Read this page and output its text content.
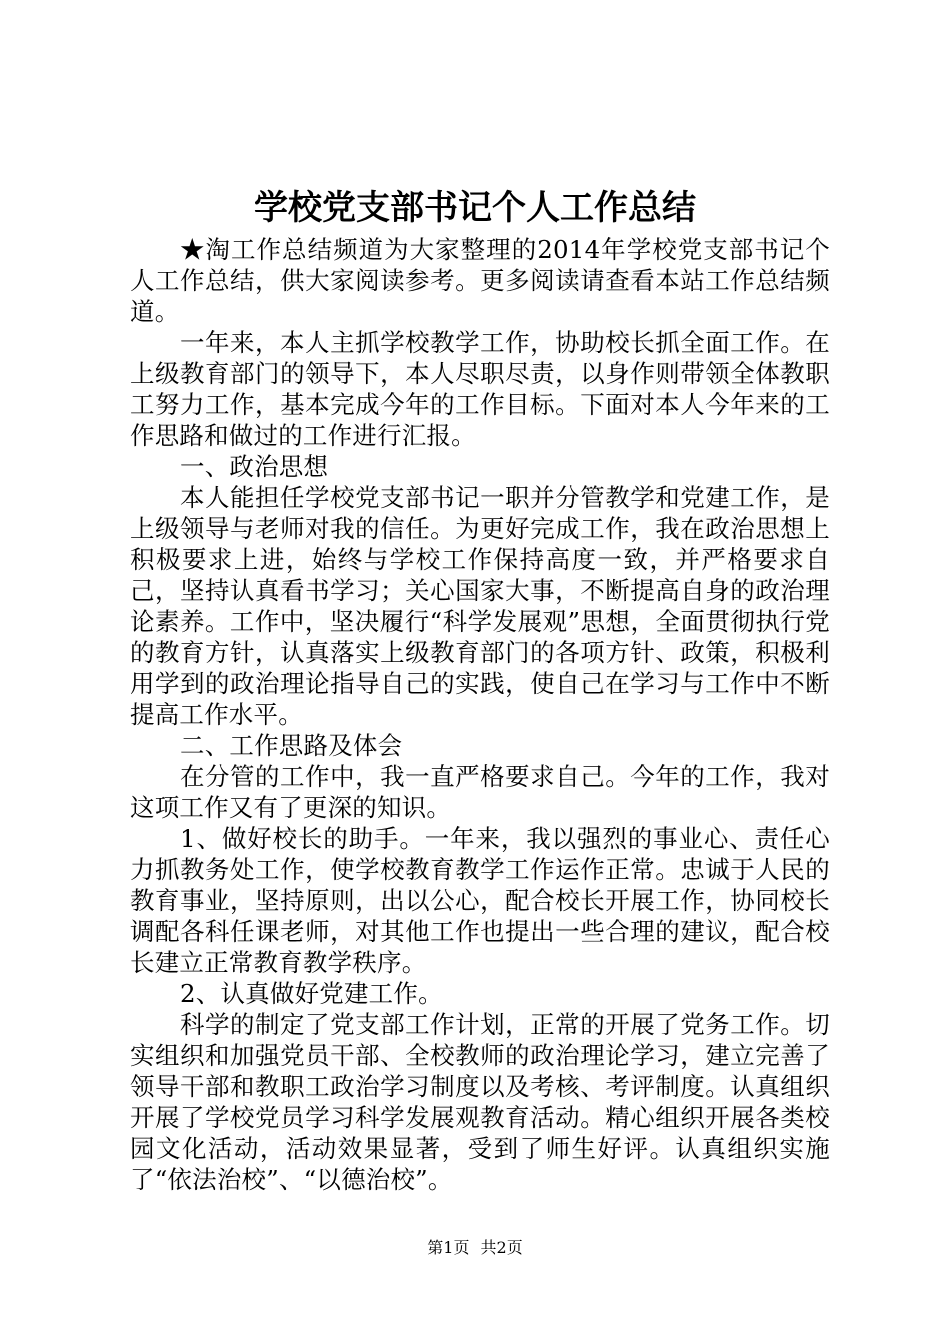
学校党支部书记个人工作总结

★淘工作总结频道为大家整理的2014年学校党支部书记个人工作总结，供大家阅读参考。更多阅读请查看本站工作总结频道。

一年来，本人主抓学校教学工作，协助校长抓全面工作。在上级教育部门的领导下，本人尽职尽责，以身作则带领全体教职工努力工作，基本完成今年的工作目标。下面对本人今年来的工作思路和做过的工作进行汇报。

一、政治思想

本人能担任学校党支部书记一职并分管教学和党建工作，是上级领导与老师对我的信任。为更好完成工作，我在政治思想上积极要求上进，始终与学校工作保持高度一致，并严格要求自己，坚持认真看书学习；关心国家大事，不断提高自身的政治理论素养。工作中，坚决履行“科学发展观”思想，全面贯彻执行党的教育方针，认真落实上级教育部门的各项方针、政策，积极利用学到的政治理论指导自己的实践，使自己在学习与工作中不断提高工作水平。

二、工作思路及体会

在分管的工作中，我一直严格要求自己。今年的工作，我对这项工作又有了更深的知识。

1、做好校长的助手。一年来，我以强烈的事业心、责任心力抓教务处工作，使学校教育教学工作运作正常。忠诚于人民的教育事业，坚持原则，出以公心，配合校长开展工作，协同校长调配各科任课老师，对其他工作也提出一些合理的建议，配合校长建立正常教育教学秩序。

2、认真做好党建工作。

科学的制定了党支部工作计划，正常的开展了党务工作。切实组织和加强党员干部、全校教师的政治理论学习，建立完善了领导干部和教职工政治学习制度以及考核、考评制度。认真组织开展了学校党员学习科学发展观教育活动。精心组织开展各类校园文化活动，活动效果显著，受到了师生好评。认真组织实施了“依法治校”、“以德治校”。

第1页 共2页
